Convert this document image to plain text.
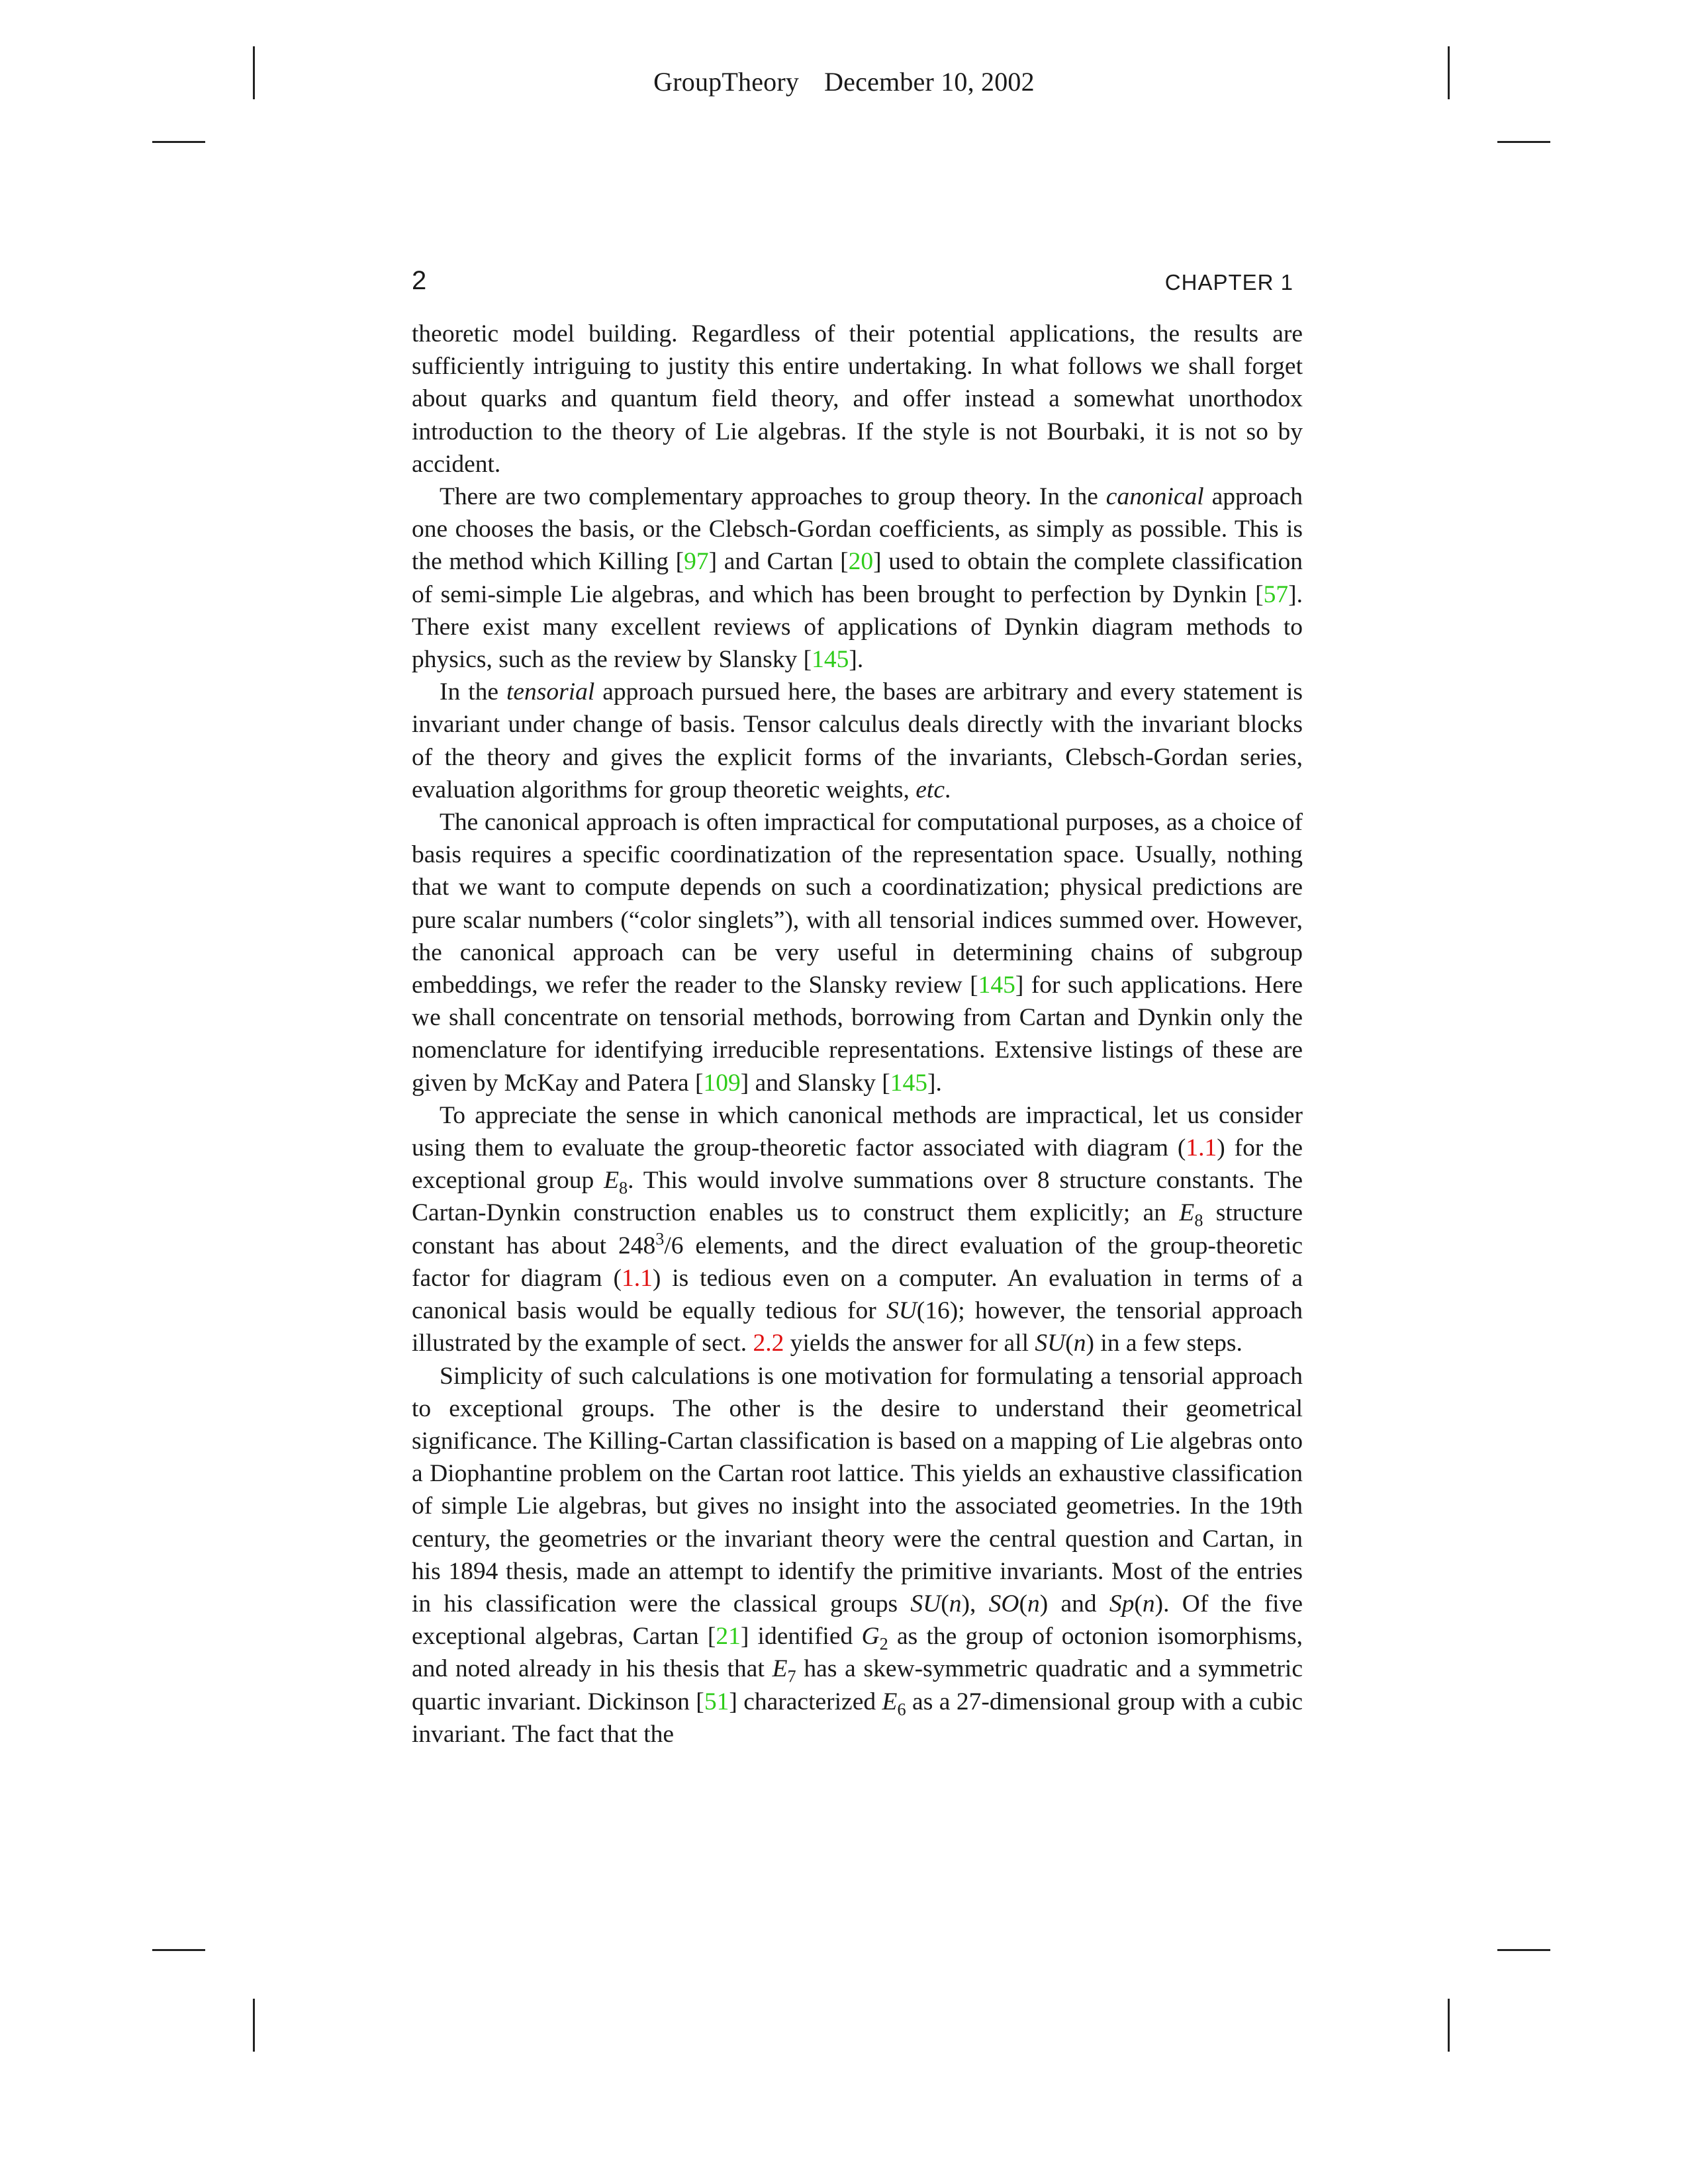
GroupTheory December 10, 2002
2	CHAPTER 1

theoretic model building. Regardless of their potential applications, the results are sufficiently intriguing to justity this entire undertaking. In what follows we shall forget about quarks and quantum field theory, and offer instead a somewhat unorthodox introduction to the theory of Lie algebras. If the style is not Bourbaki, it is not so by accident.

There are two complementary approaches to group theory. In the canonical approach one chooses the basis, or the Clebsch-Gordan coefficients, as simply as possible. This is the method which Killing [97] and Cartan [20] used to obtain the complete classification of semi-simple Lie algebras, and which has been brought to perfection by Dynkin [57]. There exist many excellent reviews of applications of Dynkin diagram methods to physics, such as the review by Slansky [145].

In the tensorial approach pursued here, the bases are arbitrary and every statement is invariant under change of basis. Tensor calculus deals directly with the invariant blocks of the theory and gives the explicit forms of the invariants, Clebsch-Gordan series, evaluation algorithms for group theoretic weights, etc.

The canonical approach is often impractical for computational purposes, as a choice of basis requires a specific coordinatization of the representation space. Usually, nothing that we want to compute depends on such a coordinatization; physical predictions are pure scalar numbers (“color singlets”), with all tensorial indices summed over. However, the canonical approach can be very useful in determining chains of subgroup embeddings, we refer the reader to the Slansky review [145] for such applications. Here we shall concentrate on tensorial methods, borrowing from Cartan and Dynkin only the nomenclature for identifying irreducible representations. Extensive listings of these are given by McKay and Patera [109] and Slansky [145].

To appreciate the sense in which canonical methods are impractical, let us consider using them to evaluate the group-theoretic factor associated with diagram (1.1) for the exceptional group $E_8$. This would involve summations over 8 structure constants. The Cartan-Dynkin construction enables us to construct them explicitly; an $E_8$ structure constant has about $248^3/6$ elements, and the direct evaluation of the group-theoretic factor for diagram (1.1) is tedious even on a computer. An evaluation in terms of a canonical basis would be equally tedious for SU(16); however, the tensorial approach illustrated by the example of sect. 2.2 yields the answer for all SU(n) in a few steps.

Simplicity of such calculations is one motivation for formulating a tensorial approach to exceptional groups. The other is the desire to understand their geometrical significance. The Killing-Cartan classification is based on a mapping of Lie algebras onto a Diophantine problem on the Cartan root lattice. This yields an exhaustive classification of simple Lie algebras, but gives no insight into the associated geometries. In the 19th century, the geometries or the invariant theory were the central question and Cartan, in his 1894 thesis, made an attempt to identify the primitive invariants. Most of the entries in his classification were the classical groups SU(n), SO(n) and Sp(n). Of the five exceptional algebras, Cartan [21] identified $G_2$ as the group of octonion isomorphisms, and noted already in his thesis that $E_7$ has a skew-symmetric quadratic and a symmetric quartic invariant. Dickinson [51] characterized $E_6$ as a 27-dimensional group with a cubic invariant. The fact that the
